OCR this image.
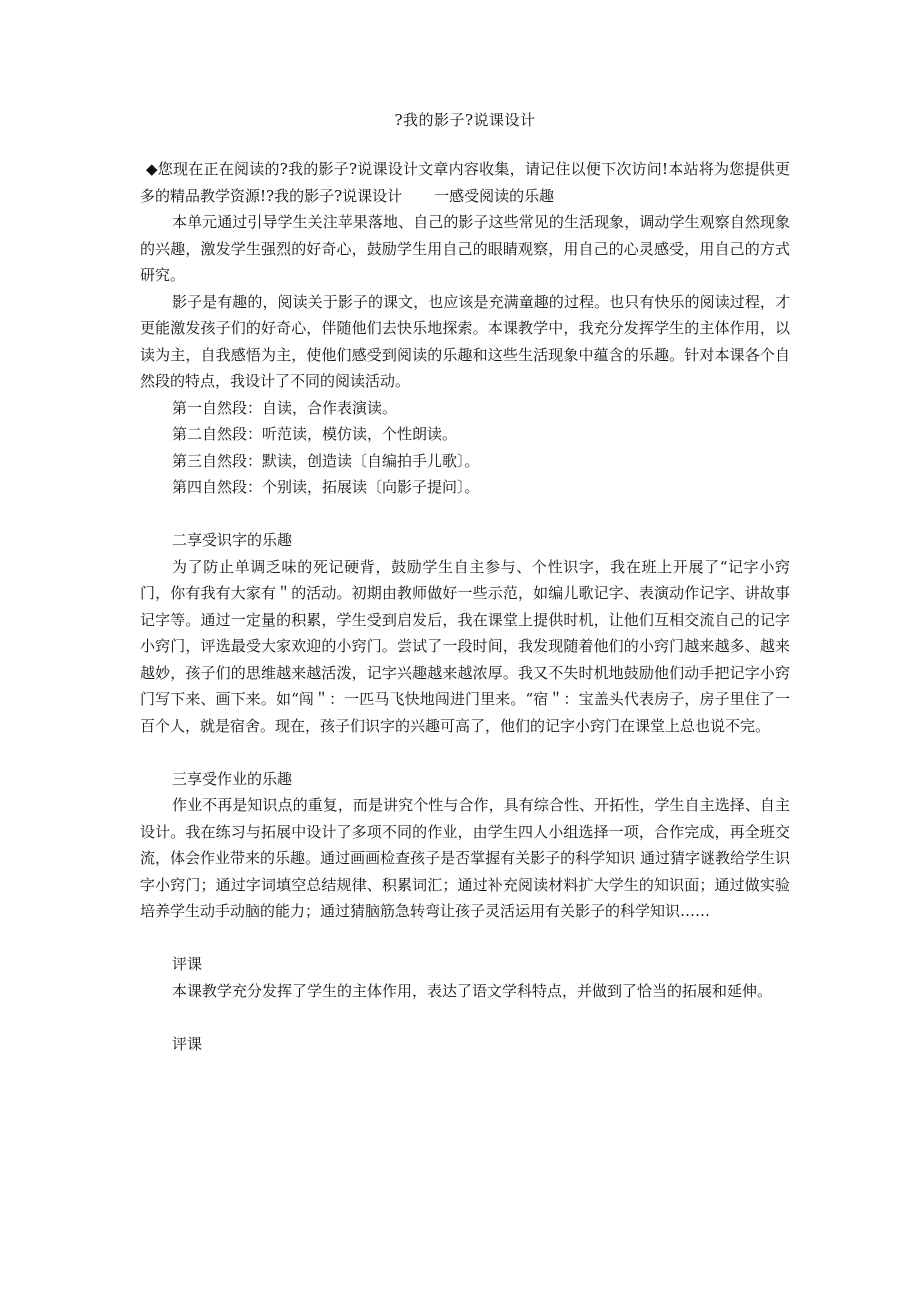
?我的影子?说课设计

◆您现在正在阅读的?我的影子?说课设计文章内容收集，请记住以便下次访问!本站将为您提供更多的精品教学资源!?我的影子?说课设计 一感受阅读的乐趣

本单元通过引导学生关注苹果落地、自己的影子这些常见的生活现象，调动学生观察自然现象的兴趣，激发学生强烈的好奇心，鼓励学生用自己的眼睛观察，用自己的心灵感受，用自己的方式研究。

影子是有趣的，阅读关于影子的课文，也应该是充满童趣的过程。也只有快乐的阅读过程，才更能激发孩子们的好奇心，伴随他们去快乐地探索。本课教学中，我充分发挥学生的主体作用，以读为主，自我感悟为主，使他们感受到阅读的乐趣和这些生活现象中蕴含的乐趣。针对本课各个自然段的特点，我设计了不同的阅读活动。

第一自然段：自读，合作表演读。

第二自然段：听范读，模仿读，个性朗读。

第三自然段：默读，创造读〔自编拍手儿歌〕。

第四自然段：个别读，拓展读〔向影子提问〕。

二享受识字的乐趣

为了防止单调乏味的死记硬背，鼓励学生自主参与、个性识字，我在班上开展了“记字小窍门，你有我有大家有＂的活动。初期由教师做好一些示范，如编儿歌记字、表演动作记字、讲故事记字等。通过一定量的积累，学生受到启发后，我在课堂上提供时机，让他们互相交流自己的记字小窍门，评选最受大家欢迎的小窍门。尝试了一段时间，我发现随着他们的小窍门越来越多、越来越妙，孩子们的思维越来越活泼，记字兴趣越来越浓厚。我又不失时机地鼓励他们动手把记字小窍门写下来、画下来。如“闯＂：一匹马飞快地闯进门里来。“宿＂：宝盖头代表房子，房子里住了一百个人，就是宿舍。现在，孩子们识字的兴趣可高了，他们的记字小窍门在课堂上总也说不完。

三享受作业的乐趣

作业不再是知识点的重复，而是讲究个性与合作，具有综合性、开拓性，学生自主选择、自主设计。我在练习与拓展中设计了多项不同的作业，由学生四人小组选择一项，合作完成，再全班交流，体会作业带来的乐趣。通过画画检查孩子是否掌握有关影子的科学知识 通过猜字谜教给学生识字小窍门；通过字词填空总结规律、积累词汇；通过补充阅读材料扩大学生的知识面；通过做实验培养学生动手动脑的能力；通过猜脑筋急转弯让孩子灵活运用有关影子的科学知识……

评课

本课教学充分发挥了学生的主体作用，表达了语文学科特点，并做到了恰当的拓展和延伸。

评课
